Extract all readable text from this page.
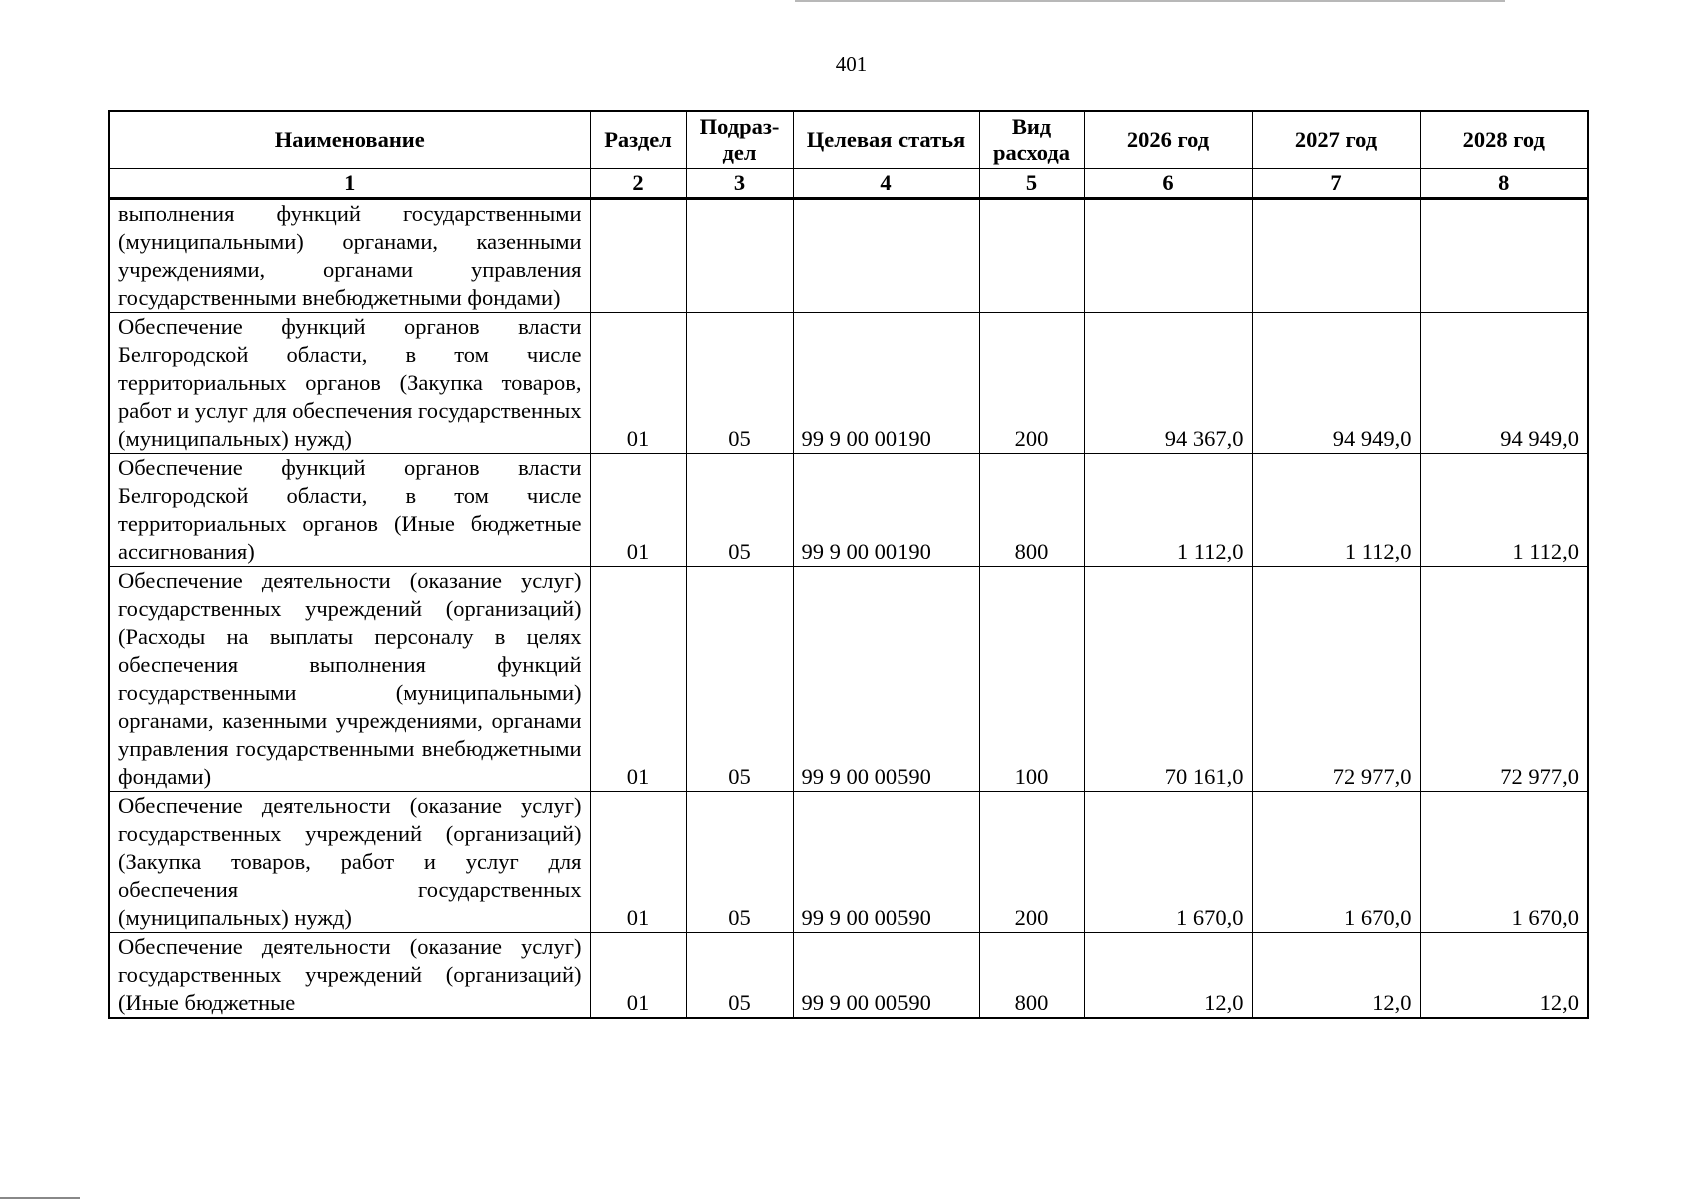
401
Наименование	Раздел	Подраз-дел	Целевая статья	Вид расхода	2026 год	2027 год	2028 год
1	2	3	4	5	6	7	8
выполнения функций государственными (муниципальными) органами, казенными учреждениями, органами управления государственными внебюджетными фондами)							
Обеспечение функций органов власти Белгородской области, в том числе территориальных органов (Закупка товаров, работ и услуг для обеспечения государственных (муниципальных) нужд)	01	05	99 9 00 00190	200	94 367,0	94 949,0	94 949,0
Обеспечение функций органов власти Белгородской области, в том числе территориальных органов (Иные бюджетные ассигнования)	01	05	99 9 00 00190	800	1 112,0	1 112,0	1 112,0
Обеспечение деятельности (оказание услуг) государственных учреждений (организаций) (Расходы на выплаты персоналу в целях обеспечения выполнения функций государственными (муниципальными) органами, казенными учреждениями, органами управления государственными внебюджетными фондами)	01	05	99 9 00 00590	100	70 161,0	72 977,0	72 977,0
Обеспечение деятельности (оказание услуг) государственных учреждений (организаций) (Закупка товаров, работ и услуг для обеспечения государственных (муниципальных) нужд)	01	05	99 9 00 00590	200	1 670,0	1 670,0	1 670,0
Обеспечение деятельности (оказание услуг) государственных учреждений (организаций) (Иные бюджетные	01	05	99 9 00 00590	800	12,0	12,0	12,0
